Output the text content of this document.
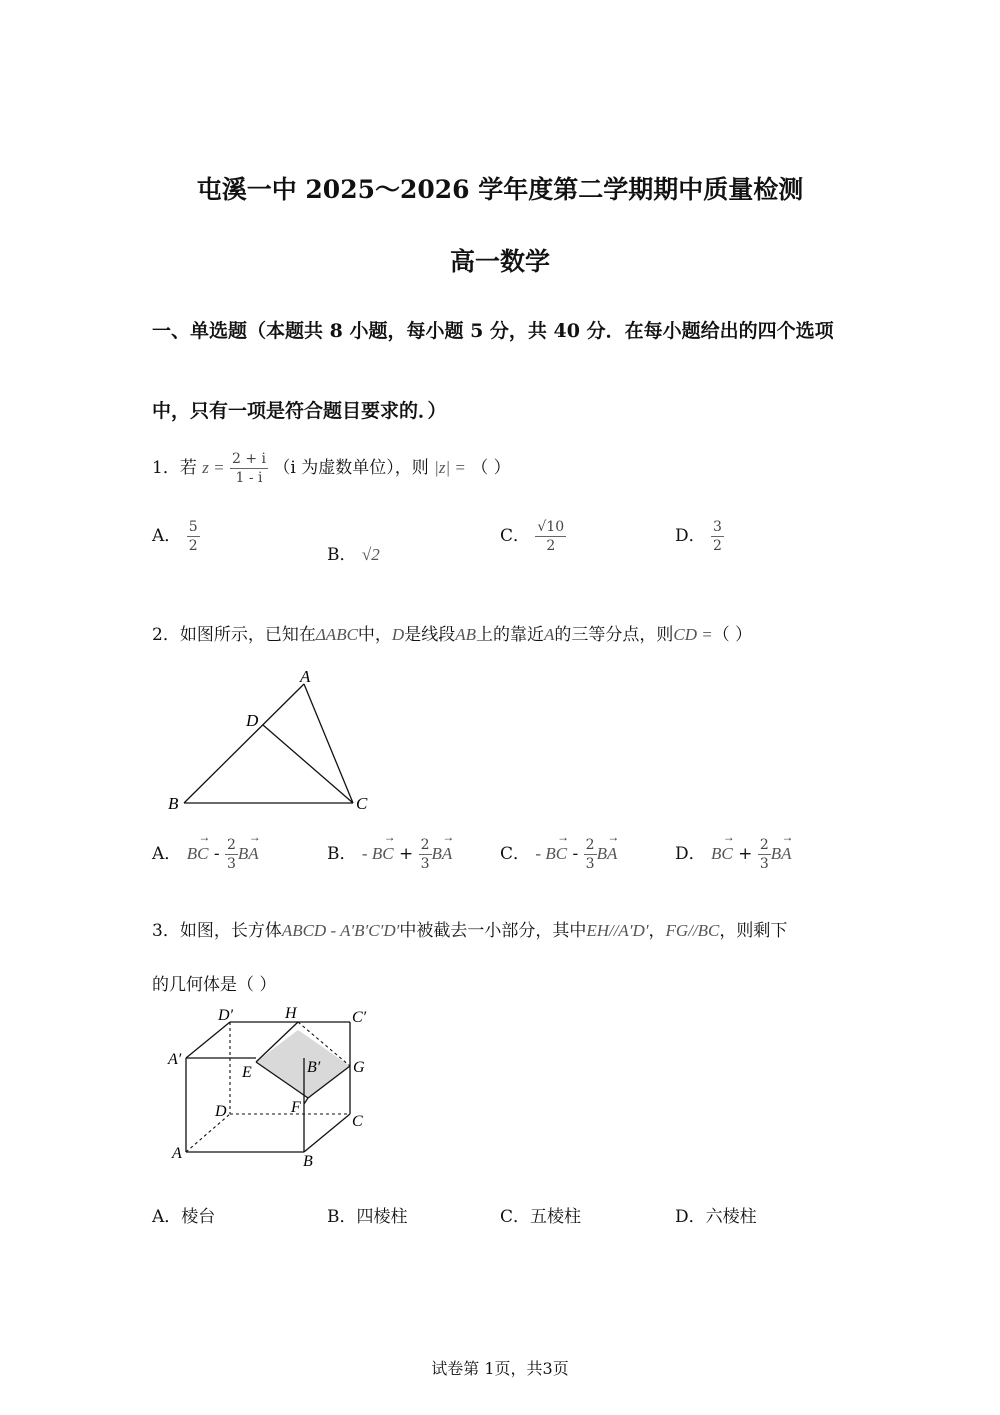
屯溪一中 2025～2026 学年度第二学期期中质量检测
高一数学
一、单选题（本题共 8 小题，每小题 5 分，共 40 分．在每小题给出的四个选项
中，只有一项是符合题目要求的．）
1．若 $z = \frac{2 + i}{1 - i} (i$ 为虚数单位），则 |z| = （ ）
A． $\frac{5}{2}$	B． √2
C． $\frac{√10}{2}$	D． $\frac{3}{2}$
2．如图所示，已知在ΔABC中，D是线段AB上的靠近A的三等分点，则CD =（ ）
A
B	C
D
A． → BC - $\frac{2}{3}$ → BA	B． - → BC + $\frac{2}{3}$ → BA	C． - → BC - $\frac{2}{3}$ → BA	D． → BC + $\frac{2}{3}$ → BA
3．如图，长方体ABCD - A′B′C′D′中被截去一小部分，其中EH//A′D′，FG//BC，则剩下
的几何体是（ ）
D′	H	C′
A′
E	B′ G
D	F
C
A	B
A．棱台	B．四棱柱	C．五棱柱	D．六棱柱
试卷第 1页，共3页
